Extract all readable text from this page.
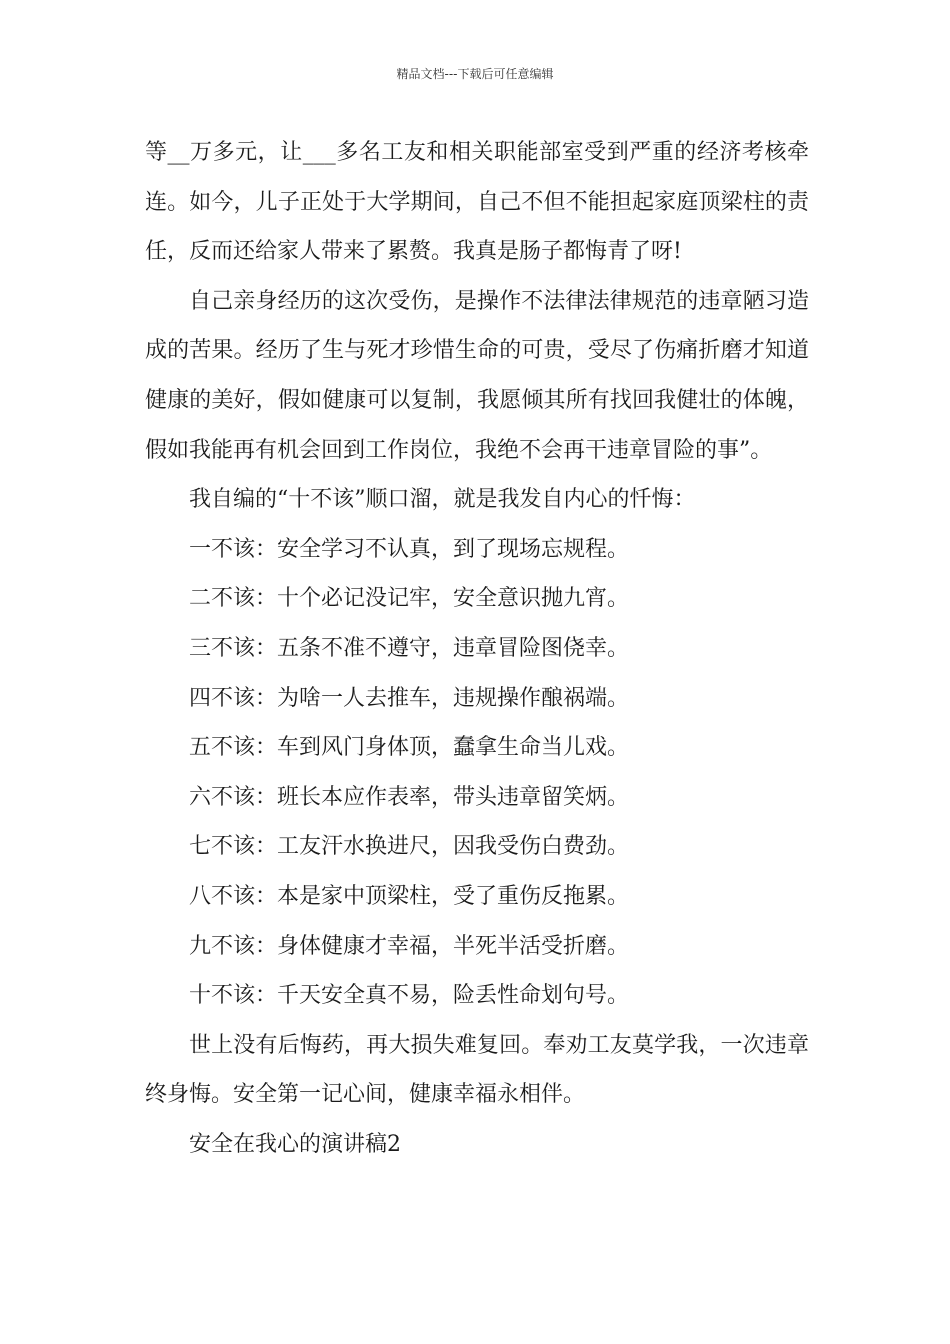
精品文档---下载后可任意编辑

等__万多元，让___多名工友和相关职能部室受到严重的经济考核牵连。如今，儿子正处于大学期间，自己不但不能担起家庭顶梁柱的责任，反而还给家人带来了累赘。我真是肠子都悔青了呀!

自己亲身经历的这次受伤，是操作不法律法律规范的违章陋习造成的苦果。经历了生与死才珍惜生命的可贵，受尽了伤痛折磨才知道健康的美好，假如健康可以复制，我愿倾其所有找回我健壮的体魄，假如我能再有机会回到工作岗位，我绝不会再干违章冒险的事”。

我自编的“十不该”顺口溜，就是我发自内心的忏悔：

一不该：安全学习不认真，到了现场忘规程。

二不该：十个必记没记牢，安全意识抛九宵。

三不该：五条不准不遵守，违章冒险图侥幸。

四不该：为啥一人去推车，违规操作酿祸端。

五不该：车到风门身体顶，蠢拿生命当儿戏。

六不该：班长本应作表率，带头违章留笑炳。

七不该：工友汗水换进尺，因我受伤白费劲。

八不该：本是家中顶梁柱，受了重伤反拖累。

九不该：身体健康才幸福，半死半活受折磨。

十不该：千天安全真不易，险丢性命划句号。

世上没有后悔药，再大损失难复回。奉劝工友莫学我，一次违章终身悔。安全第一记心间，健康幸福永相伴。

安全在我心的演讲稿2
